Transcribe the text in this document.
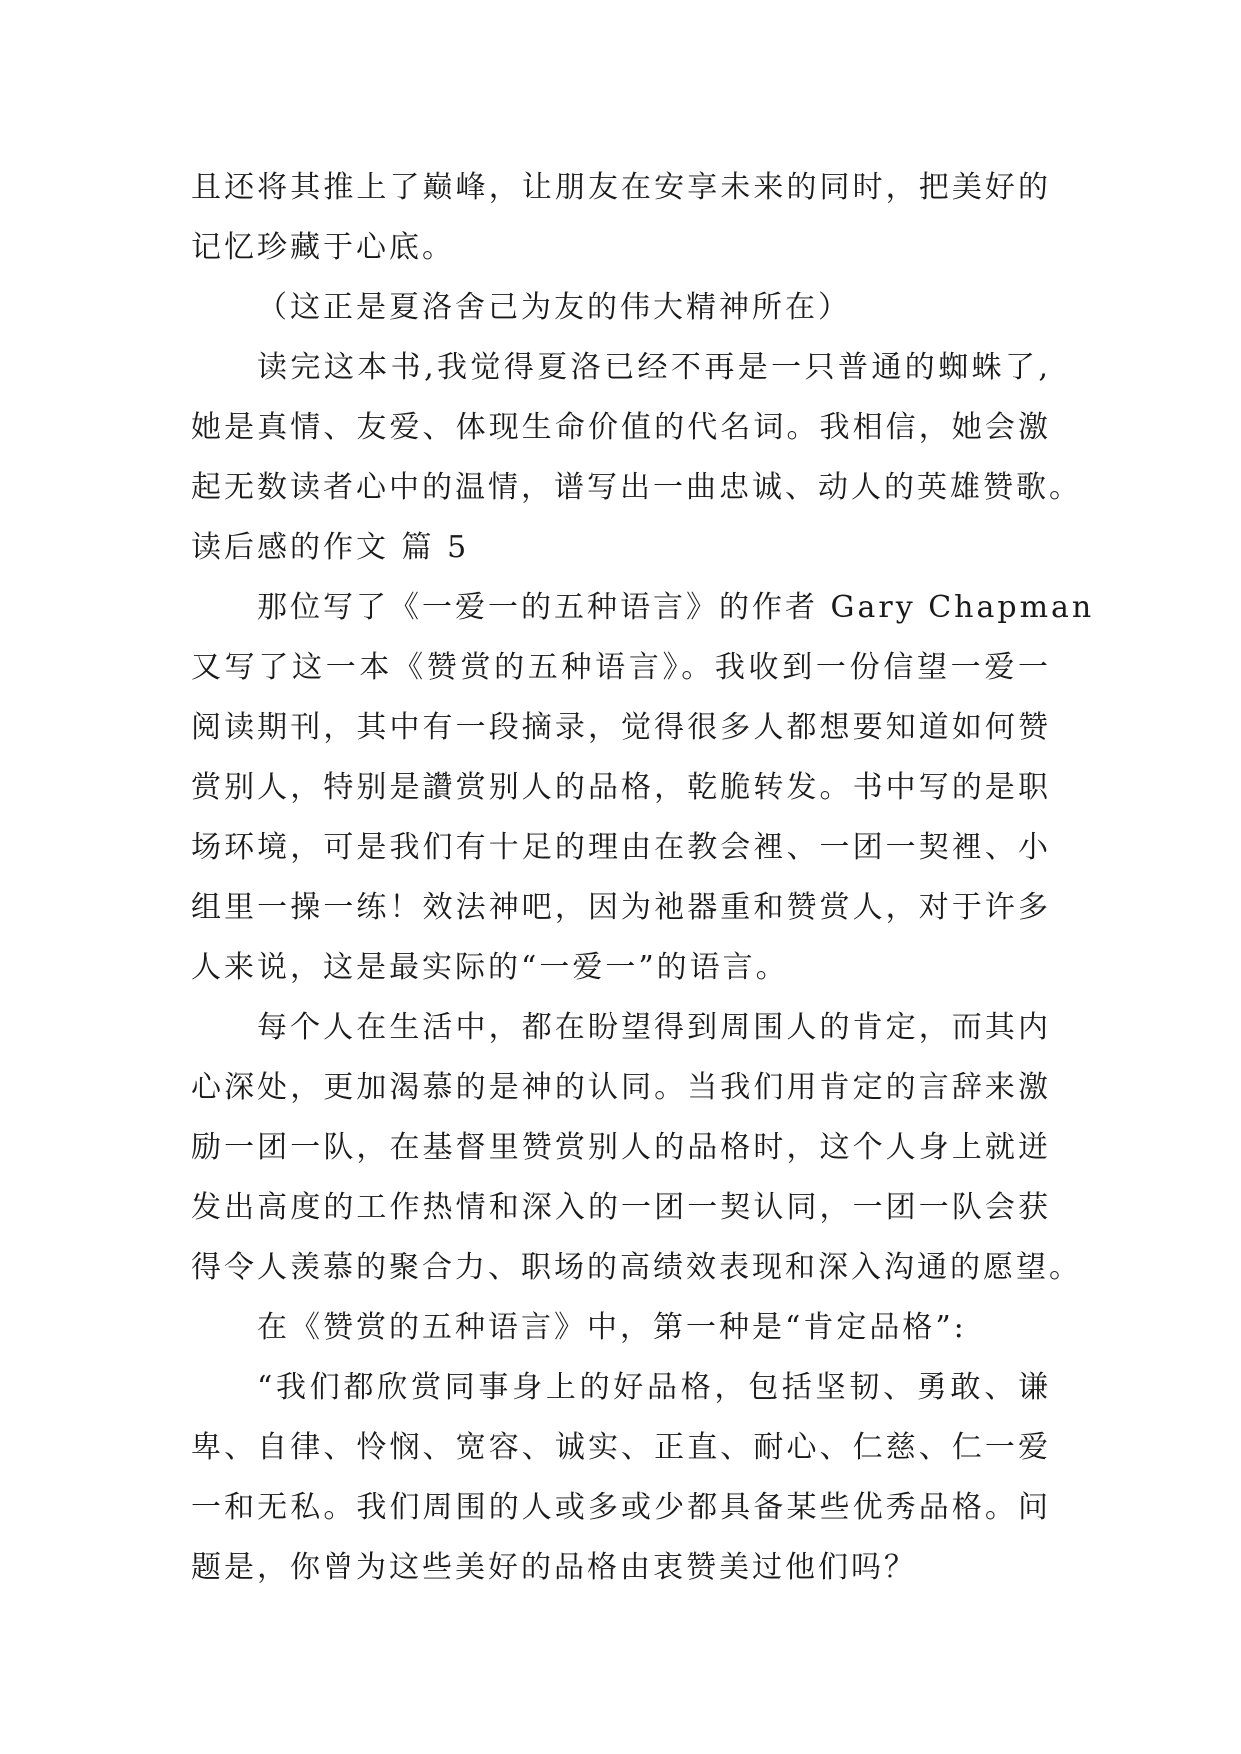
且还将其推上了巅峰，让朋友在安享未来的同时，把美好的
记忆珍藏于心底。
（这正是夏洛舍己为友的伟大精神所在）
读完这本书,我觉得夏洛已经不再是一只普通的蜘蛛了,
她是真情、友爱、体现生命价值的代名词。我相信，她会激
起无数读者心中的温情，谱写出一曲忠诚、动人的英雄赞歌。
读后感的作文 篇 5
那位写了《一爱一的五种语言》的作者 Gary Chapman
又写了这一本《赞赏的五种语言》。我收到一份信望一爱一
阅读期刊，其中有一段摘录，觉得很多人都想要知道如何赞
赏别人，特别是讚赏别人的品格，乾脆转发。书中写的是职
场环境，可是我们有十足的理由在教会裡、一团一契裡、小
组里一操一练！效法神吧，因为祂器重和赞赏人，对于许多
人来说，这是最实际的“一爱一”的语言。
每个人在生活中，都在盼望得到周围人的肯定，而其内
心深处，更加渴慕的是神的认同。当我们用肯定的言辞来激
励一团一队，在基督里赞赏别人的品格时，这个人身上就迸
发出高度的工作热情和深入的一团一契认同，一团一队会获
得令人羡慕的聚合力、职场的高绩效表现和深入沟通的愿望。
在《赞赏的五种语言》中，第一种是“肯定品格”:
“我们都欣赏同事身上的好品格，包括坚韧、勇敢、谦
卑、自律、怜悯、宽容、诚实、正直、耐心、仁慈、仁一爱
一和无私。我们周围的人或多或少都具备某些优秀品格。问
题是，你曾为这些美好的品格由衷赞美过他们吗？
